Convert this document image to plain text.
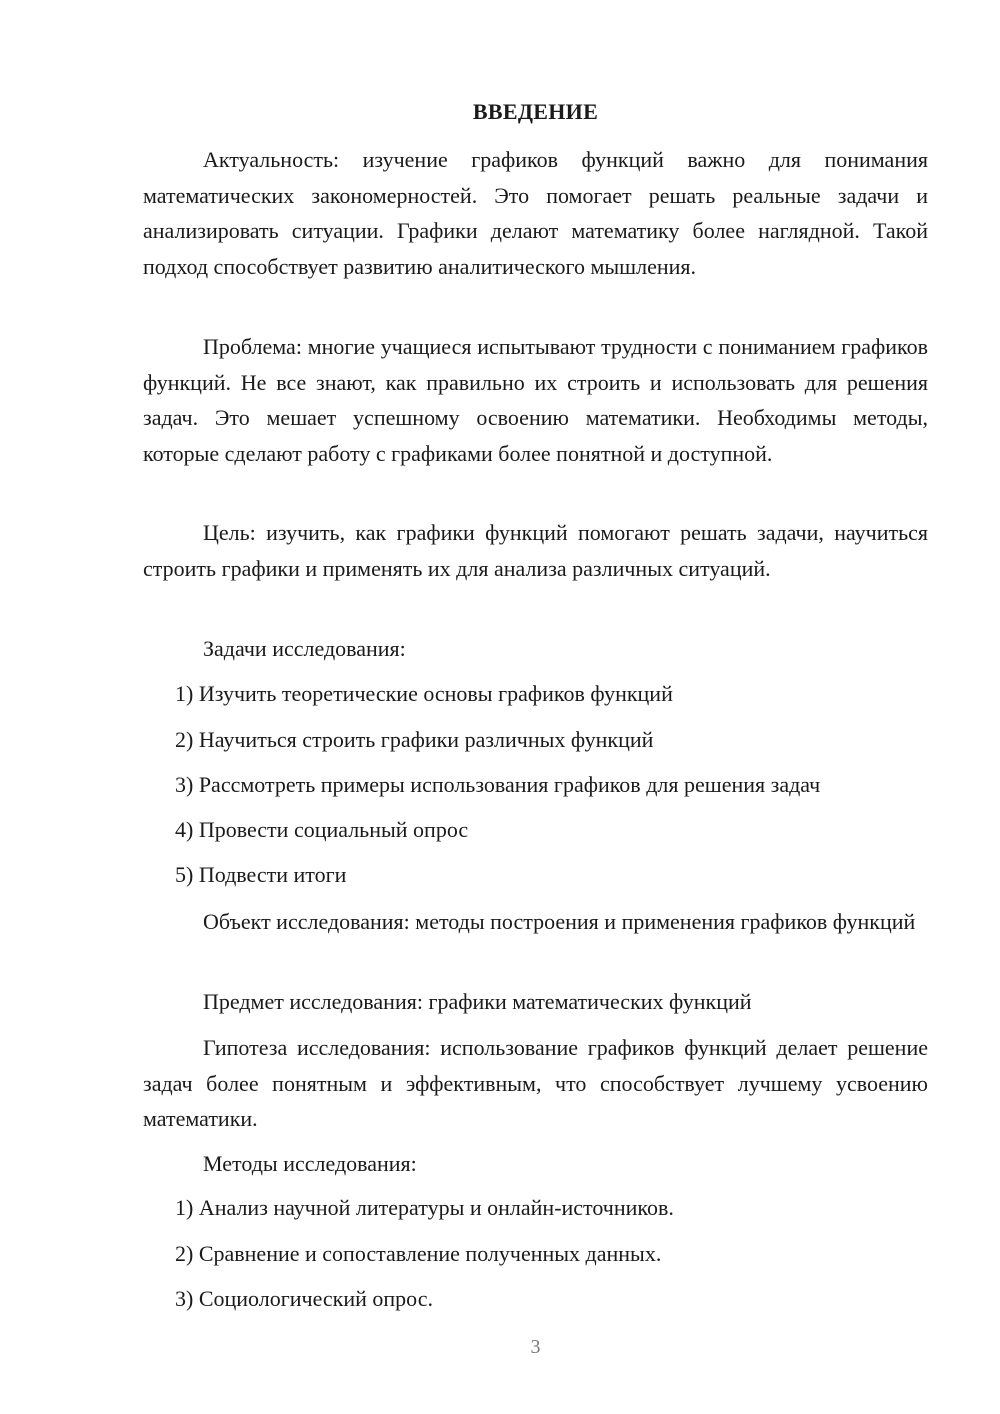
ВВЕДЕНИЕ

Актуальность: изучение графиков функций важно для понимания математических закономерностей. Это помогает решать реальные задачи и анализировать ситуации. Графики делают математику более наглядной. Такой подход способствует развитию аналитического мышления.

Проблема: многие учащиеся испытывают трудности с пониманием графиков функций. Не все знают, как правильно их строить и использовать для решения задач. Это мешает успешному освоению математики. Необходимы методы, которые сделают работу с графиками более понятной и доступной.

Цель: изучить, как графики функций помогают решать задачи, научиться строить графики и применять их для анализа различных ситуаций.

Задачи исследования:

1) Изучить теоретические основы графиков функций
2) Научиться строить графики различных функций
3) Рассмотреть примеры использования графиков для решения задач
4) Провести социальный опрос
5) Подвести итоги

Объект исследования: методы построения и применения графиков функций

Предмет исследования: графики математических функций

Гипотеза исследования: использование графиков функций делает решение задач более понятным и эффективным, что способствует лучшему усвоению математики.

Методы исследования:

1) Анализ научной литературы и онлайн-источников.
2) Сравнение и сопоставление полученных данных.
3) Социологический опрос.
3
